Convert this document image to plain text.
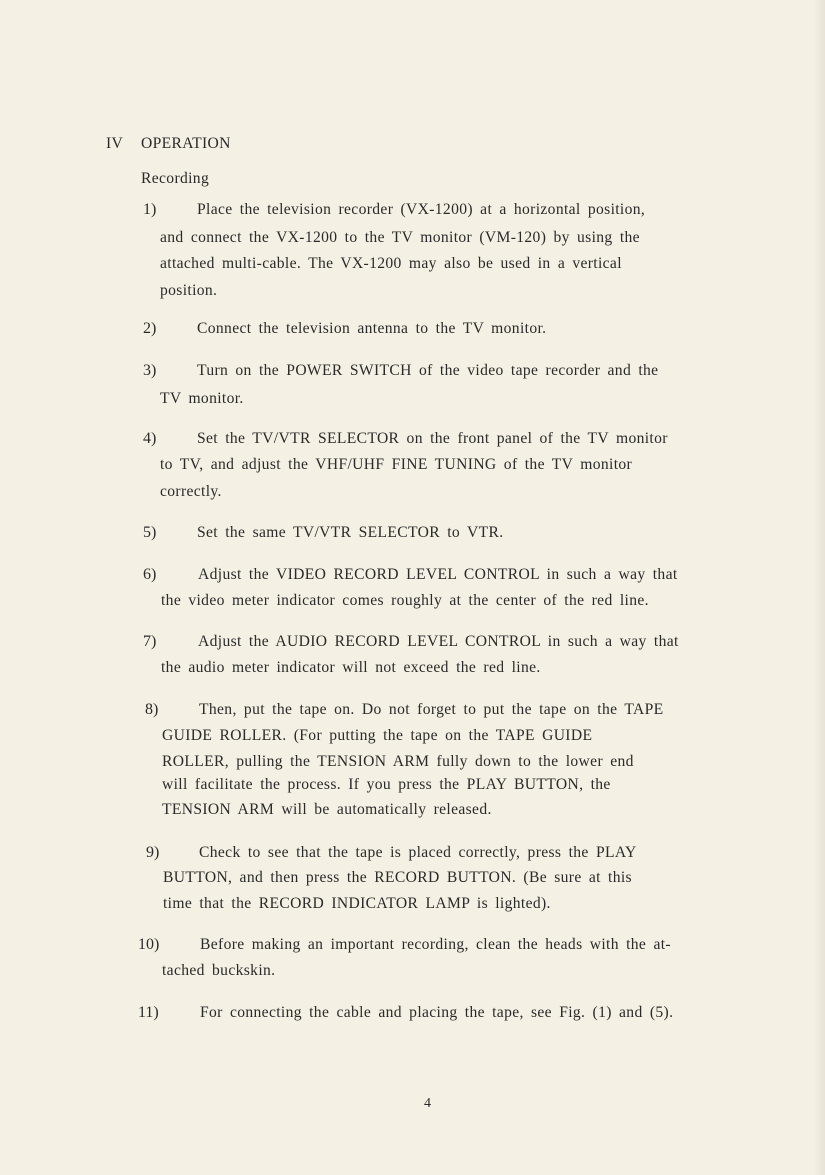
IV OPERATION
Recording
1)	Place the television recorder (VX-1200) at a horizontal position,
and connect the VX-1200 to the TV monitor (VM-120) by using the
attached multi-cable. The VX-1200 may also be used in a vertical
position.
2)	Connect the television antenna to the TV monitor.
3)	Turn on the POWER SWITCH of the video tape recorder and the
TV monitor.
4)	Set the TV/VTR SELECTOR on the front panel of the TV monitor
to TV, and adjust the VHF/UHF FINE TUNING of the TV monitor
correctly.
5)	Set the same TV/VTR SELECTOR to VTR.
6)	Adjust the VIDEO RECORD LEVEL CONTROL in such a way that
the video meter indicator comes roughly at the center of the red line.
7)	Adjust the AUDIO RECORD LEVEL CONTROL in such a way that
the audio meter indicator will not exceed the red line.
8)	Then, put the tape on. Do not forget to put the tape on the TAPE
GUIDE ROLLER. (For putting the tape on the TAPE GUIDE
ROLLER, pulling the TENSION ARM fully down to the lower end
will facilitate the process. If you press the PLAY BUTTON, the
TENSION ARM will be automatically released.
9)	Check to see that the tape is placed correctly, press the PLAY
BUTTON, and then press the RECORD BUTTON. (Be sure at this
time that the RECORD INDICATOR LAMP is lighted).
10)	Before making an important recording, clean the heads with the at-
tached buckskin.
11)	For connecting the cable and placing the tape, see Fig. (1) and (5).
4
